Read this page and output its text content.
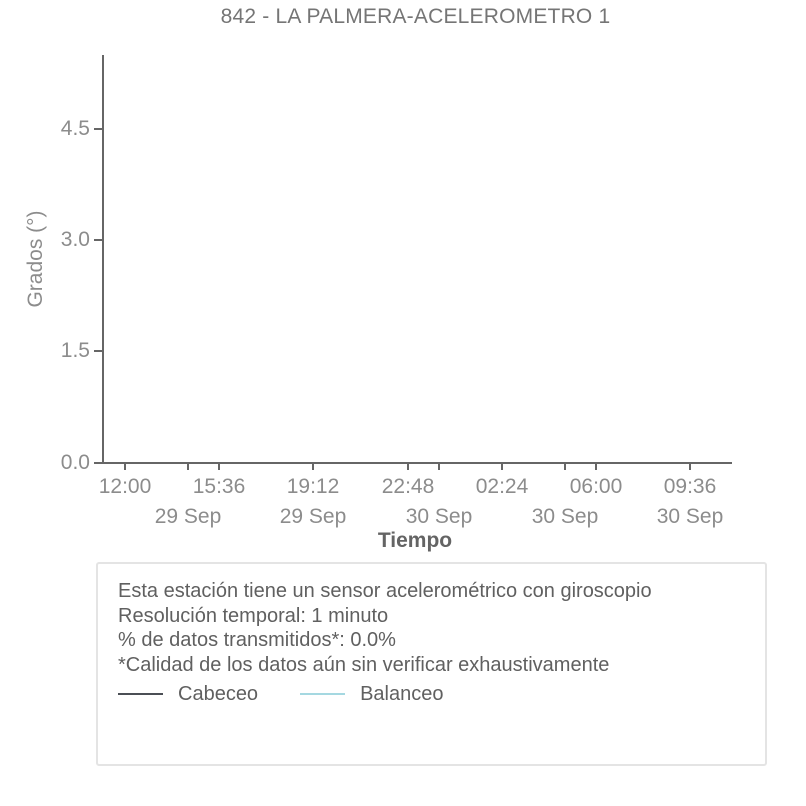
842 - LA PALMERA-ACELEROMETRO 1
4.5
3.0
1.5
0.0
Grados (°)
12:00	15:36	19:12	22:48	02:24	06:00	09:36
29 Sep	29 Sep	30 Sep	30 Sep	30 Sep
Tiempo
Esta estación tiene un sensor acelerométrico con giroscopio
Resolución temporal: 1 minuto
% de datos transmitidos*: 0.0%
*Calidad de los datos aún sin verificar exhaustivamente
Cabeceo	Balanceo
